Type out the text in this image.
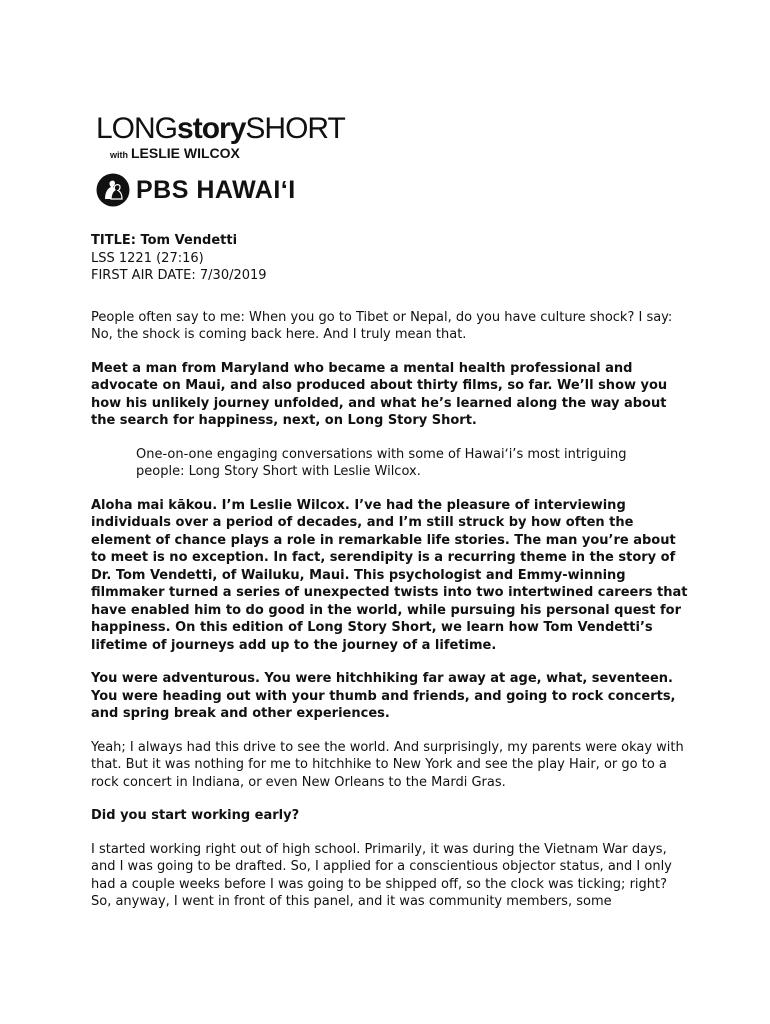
LONGstorySHORT
with LESLIE WILCOX
PBS HAWAIʻI
TITLE: Tom Vendetti
LSS 1221 (27:16)
FIRST AIR DATE: 7/30/2019

People often say to me: When you go to Tibet or Nepal, do you have culture shock? I say: No, the shock is coming back here. And I truly mean that.

Meet a man from Maryland who became a mental health professional and advocate on Maui, and also produced about thirty films, so far. We’ll show you how his unlikely journey unfolded, and what he’s learned along the way about the search for happiness, next, on Long Story Short.

One-on-one engaging conversations with some of Hawaiʻi’s most intriguing people: Long Story Short with Leslie Wilcox.

Aloha mai kākou. I’m Leslie Wilcox. I’ve had the pleasure of interviewing individuals over a period of decades, and I’m still struck by how often the element of chance plays a role in remarkable life stories. The man you’re about to meet is no exception. In fact, serendipity is a recurring theme in the story of Dr. Tom Vendetti, of Wailuku, Maui. This psychologist and Emmy-winning filmmaker turned a series of unexpected twists into two intertwined careers that have enabled him to do good in the world, while pursuing his personal quest for happiness. On this edition of Long Story Short, we learn how Tom Vendetti’s lifetime of journeys add up to the journey of a lifetime.

You were adventurous. You were hitchhiking far away at age, what, seventeen. You were heading out with your thumb and friends, and going to rock concerts, and spring break and other experiences.

Yeah; I always had this drive to see the world. And surprisingly, my parents were okay with that. But it was nothing for me to hitchhike to New York and see the play Hair, or go to a rock concert in Indiana, or even New Orleans to the Mardi Gras.

Did you start working early?

I started working right out of high school. Primarily, it was during the Vietnam War days, and I was going to be drafted. So, I applied for a conscientious objector status, and I only had a couple weeks before I was going to be shipped off, so the clock was ticking; right? So, anyway, I went in front of this panel, and it was community members, some
